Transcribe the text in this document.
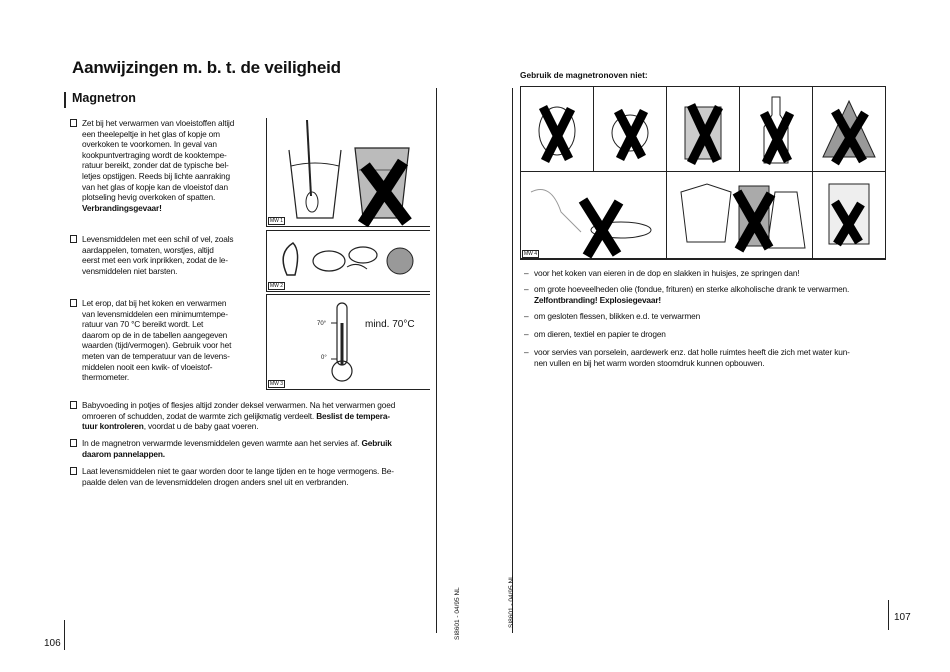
Aanwijzingen m. b. t. de veiligheid
Magnetron
Zet bij het verwarmen van vloeistoffen altijd
een theelepeltje in het glas of kopje om
overkoken te voorkomen. In geval van
kookpuntvertraging wordt de kooktempe-
ratuur bereikt, zonder dat de typische bel-
letjes opstijgen. Reeds bij lichte aanraking
van het glas of kopje kan de vloeistof dan
plotseling hevig overkoken of spatten.
Verbrandingsgevaar!
MW 1
Levensmiddelen met een schil of vel, zoals
aardappelen, tomaten, worstjes, altijd
eerst met een vork inprikken, zodat de le-
vensmiddelen niet barsten.
MW 2
Let erop, dat bij het koken en verwarmen
van levensmiddelen een minimumtempe-
ratuur van 70 °C bereikt wordt. Let
daarom op de in de tabellen aangegeven
waarden (tijd/vermogen). Gebruik voor het
meten van de temperatuur van de levens-
middelen nooit een kwik- of vloeistof-
thermometer.
70°
0°
mind. 70°C
MW 3
Babyvoeding in potjes of flesjes altijd zonder deksel verwarmen. Na het verwarmen goed
omroeren of schudden, zodat de warmte zich gelijkmatig verdeelt. Beslist de tempera-
tuur kontroleren, voordat u de baby gaat voeren.
In de magnetron verwarmde levensmiddelen geven warmte aan het servies af. Gebruik
daarom pannelappen.
Laat levensmiddelen niet te gaar worden door te lange tijden en te hoge vermogens. Be-
paalde delen van de levensmiddelen drogen anders snel uit en verbranden.
106
SI8601 - 04/95 NL
Gebruik de magnetronoven niet:
MW 4
– voor het koken van eieren in de dop en slakken in huisjes, ze springen dan!
– om grote hoeveelheden olie (fondue, frituren) en sterke alkoholische drank te verwarmen.
Zelfontbranding! Explosiegevaar!
– om gesloten flessen, blikken e.d. te verwarmen
– om dieren, textiel en papier te drogen
– voor servies van porselein, aardewerk enz. dat holle ruimtes heeft die zich met water kun-
nen vullen en bij het warm worden stoomdruk kunnen opbouwen.
107
SI8601 - 04/95 NL
